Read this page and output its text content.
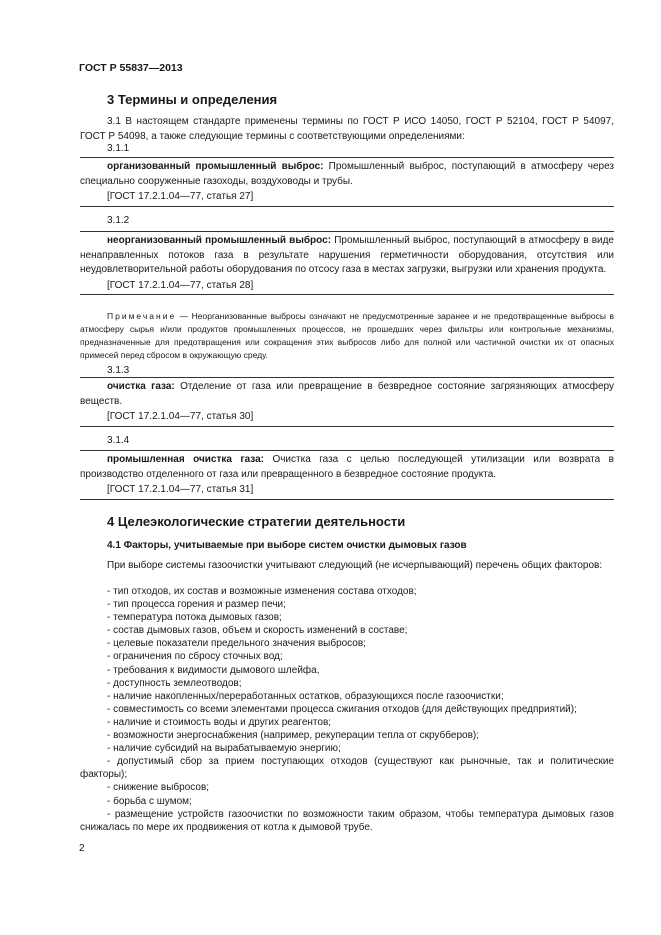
ГОСТ Р 55837—2013
3 Термины и определения
3.1 В настоящем стандарте применены термины по ГОСТ Р ИСО 14050, ГОСТ Р 52104, ГОСТ Р 54097, ГОСТ Р 54098, а также следующие термины с соответствующими определениями:
3.1.1
организованный промышленный выброс: Промышленный выброс, поступающий в атмосферу через специально сооруженные газоходы, воздуховоды и трубы.
[ГОСТ 17.2.1.04—77, статья 27]
3.1.2
неорганизованный промышленный выброс: Промышленный выброс, поступающий в атмосферу в виде ненаправленных потоков газа в результате нарушения герметичности оборудования, отсутствия или неудовлетворительной работы оборудования по отсосу газа в местах загрузки, выгрузки или хранения продукта.
[ГОСТ 17.2.1.04—77, статья 28]
Примечание — Неорганизованные выбросы означают не предусмотренные заранее и не предотвращенные выбросы в атмосферу сырья и/или продуктов промышленных процессов, не прошедших через фильтры или контрольные механизмы, предназначенные для предотвращения или сокращения этих выбросов либо для полной или частичной очистки их от опасных примесей перед сбросом в окружающую среду.
3.1.3
очистка газа: Отделение от газа или превращение в безвредное состояние загрязняющих атмосферу веществ.
[ГОСТ 17.2.1.04—77, статья 30]
3.1.4
промышленная очистка газа: Очистка газа с целью последующей утилизации или возврата в производство отделенного от газа или превращенного в безвредное состояние продукта.
[ГОСТ 17.2.1.04—77, статья 31]
4 Целеэкологические стратегии деятельности
4.1 Факторы, учитываемые при выборе систем очистки дымовых газов
При выборе системы газоочистки учитывают следующий (не исчерпывающий) перечень общих факторов:
- тип отходов, их состав и возможные изменения состава отходов;
- тип процесса горения и размер печи;
- температура потока дымовых газов;
- состав дымовых газов, объем и скорость изменений в составе;
- целевые показатели предельного значения выбросов;
- ограничения по сбросу сточных вод;
- требования к видимости дымового шлейфа,
- доступность землеотводов;
- наличие накопленных/переработанных остатков, образующихся после газоочистки;
- совместимость со всеми элементами процесса сжигания отходов (для действующих предприятий);
- наличие и стоимость воды и других реагентов;
- возможности энергоснабжения (например, рекуперации тепла от скрубберов);
- наличие субсидий на вырабатываемую энергию;
- допустимый сбор за прием поступающих отходов (существуют как рыночные, так и политические факторы);
- снижение выбросов;
- борьба с шумом;
- размещение устройств газоочистки по возможности таким образом, чтобы температура дымовых газов снижалась по мере их продвижения от котла к дымовой трубе.
2
